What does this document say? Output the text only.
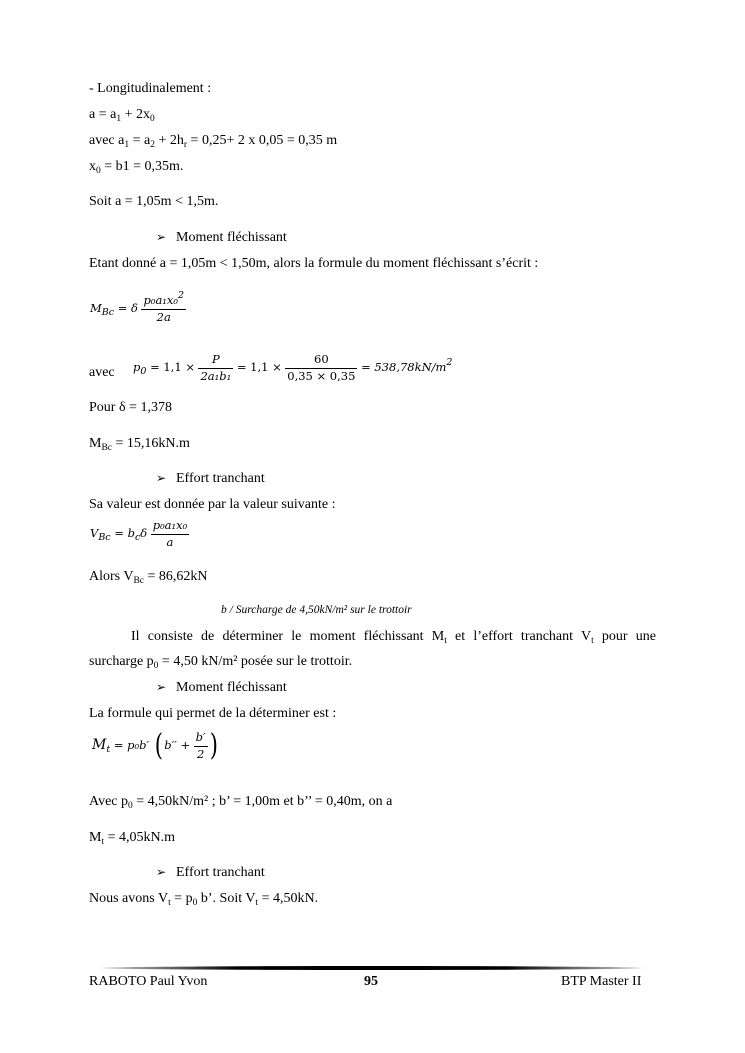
- Longitudinalement :
$a = a_1 + 2x_0$
avec $a_1 = a_2 + 2h_r = 0,25+ 2$ x 0,05 = 0,35 m
$x_0 = b1 = 0,35m$.
Soit a = 1,05m < 1,5m.
➢ Moment fléchissant
Etant donné a = 1,05m < 1,50m, alors la formule du moment fléchissant s’écrit :
$M_{Bc} = \delta \frac{p_0a_1x_0^2}{2a}$
avec $p_0 = 1,1 \times \frac{P}{\text{2a₁b₁}} = 1,1 \times \frac{60}{0,35 \times 0,35} = 538,78kN/m^2$
Pour δ = 1,378
$M_{Bc} = 15,16kN.m$
➢ Effort tranchant
Sa valeur est donnée par la valeur suivante :
$V_{Bc} = b_c\delta \frac{\text{p₀a₁x₀}}{a}$
Alors $V_{Bc} = 86,62kN$
b / Surcharge de 4,50kN/m² sur le trottoir
Il consiste de déterminer le moment fléchissant $M_t$ et l’effort tranchant $V_t$ pour une
surcharge $p_0 = 4,50$ kN/m² posée sur le trottoir.
➢ Moment fléchissant
La formule qui permet de la déterminer est :
$M_t = p_0b'$ ( $b'' + \frac{b'}{2}$ )
Avec $p_0 = 4,50kN/m^2$ ; b’ = 1,00m et b’’ = 0,40m, on a
$M_t = 4,05kN.m$
➢ Effort tranchant
Nous avons $V_t = p_0$ b’. Soit $V_t = 4,50kN$.
RABOTO Paul Yvon	95	BTP Master II
